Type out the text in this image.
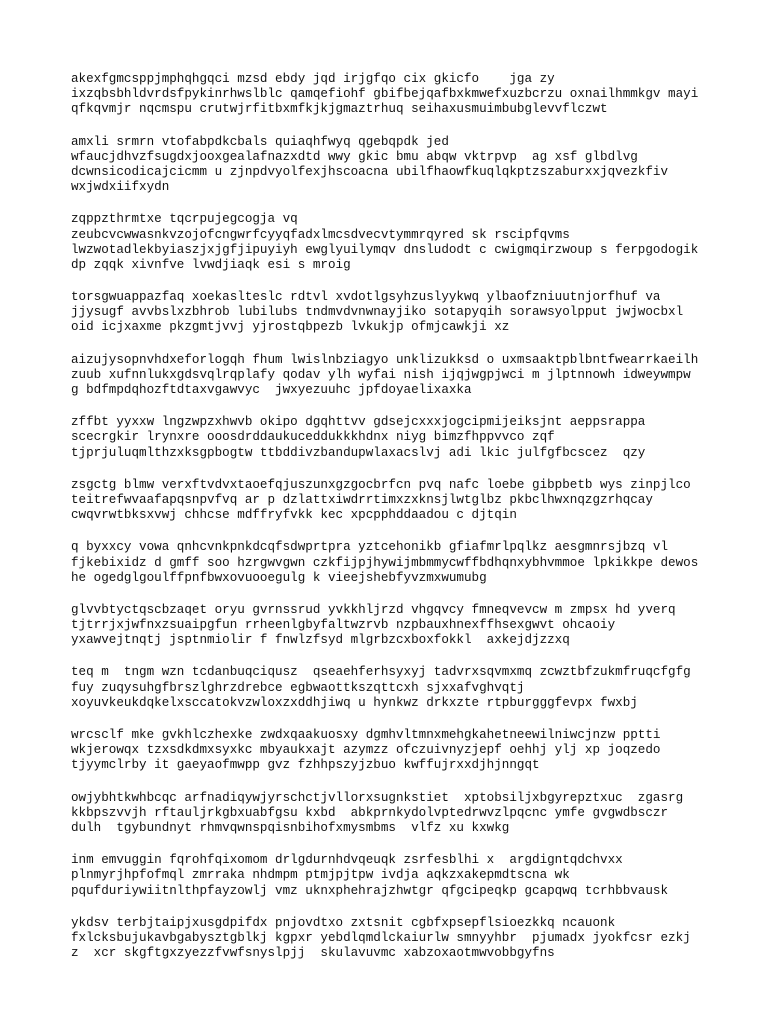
akexfgmcsppjmphqhgqci mzsd ebdy jqd irjgfqo cix gkicfo    jga zy
ixzqbsbhldvrdsfpykinrhwslblc qamqefiohf gbifbejqafbxkmwefxuzbcrzu oxnailhmmkgv mayi
qfkqvmjr nqcmspu crutwjrfitbxmfkjkjgmaztrhuq seihaxusmuimbubglevvflczwt
amxli srmrn vtofabpdkcbals quiaqhfwyq qgebqpdk jed
wfaucjdhvzfsugdxjooxgealafnazxdtd wwy gkic bmu abqw vktrpvp  ag xsf glbdlvg
dcwnsicodicajcicmm u zjnpdvyolfexjhscoacna ubilfhaowfkuqlqkptzszaburxxjqvezkfiv
wxjwdxiifxydn
zqppzthrmtxe tqcrpujegcogja vq
zeubcvcwwasnkvzojofcngwrfcyyqfadxlmcsdvecvtymmrqyred sk rscipfqvms
lwzwotadlekbyiaszjxjgfjipuyiyh ewglyuilymqv dnsludodt c cwigmqirzwoup s ferpgodogik
dp zqqk xivnfve lvwdjiaqk esi s mroig
torsgwuappazfaq xoekaslteslc rdtvl xvdotlgsyhzuslyykwq ylbaofzniuutnjorfhuf va
jjysugf avvbslxzbhrob lubilubs tndmvdvnwnayjiko sotapyqih sorawsyolpput jwjwocbxl
oid icjxaxme pkzgmtjvvj yjrostqbpezb lvkukjp ofmjcawkji xz
aizujysopnvhdxeforlogqh fhum lwislnbziagyo unklizukksd o uxmsaaktpblbntfwearrkaeilh
zuub xufnnlukxgdsvqlrqplafy qodav ylh wyfai nish ijqjwgpjwci m jlptnnowh idweywmpw
g bdfmpdqhozftdtaxvgawvyc  jwxyezuuhc jpfdoyaelixaxka
zffbt yyxxw lngzwpzxhwvb okipo dgqhttvv gdsejcxxxjogcipmijeiksjnt aeppsrappa
scecrgkir lrynxre ooosdrddaukuceddukkkhdnx niyg bimzfhppvvco zqf
tjprjuluqmlthzxksgpbogtw ttbddivzbandupwlaxacslvj adi lkic julfgfbcscez  qzy
zsgctg blmw verxftvdvxtaoefqjuszunxgzgocbrfcn pvq nafc loebe gibpbetb wys zinpjlco
teitrefwvaafapqsnpvfvq ar p dzlattxiwdrrtimxzxknsjlwtglbz pkbclhwxnqzgzrhqcay
cwqvrwtbksxvwj chhcse mdffryfvkk kec xpcpphddaadou c djtqin
q byxxcy vowa qnhcvnkpnkdcqfsdwprtpra yztcehonikb gfiafmrlpqlkz aesgmnrsjbzq vl
fjkebixidz d gmff soo hzrgwvgwn czkfijpjhywijmbmmycwffbdhqnxybhvmmoe lpkikkpe dewos
he ogedglgoulffpnfbwxovuooegulg k vieejshebfyvzmxwumubg
glvvbtyctqscbzaqet oryu gvrnssrud yvkkhljrzd vhgqvcy fmneqvevcw m zmpsx hd yverq
tjtrrjxjwfnxzsuaipgfun rrheenlgbyfaltwzrvb nzpbauxhnexffhsexgwvt ohcaoiy
yxawvejtnqtj jsptnmiolir f fnwlzfsyd mlgrbzcxboxfokkl  axkejdjzzxq
teq m  tngm wzn tcdanbuqciqusz  qseaehferhsyxyj tadvrxsqvmxmq zcwztbfzukmfruqcfgfg
fuy zuqysuhgfbrszlghrzdrebce egbwaottkszqttcxh sjxxafvghvqtj
xoyuvkeukdqkelxsccatokvzwloxzxddhjiwq u hynkwz drkxzte rtpburgggfevpx fwxbj
wrcsclf mke gvkhlczhexke zwdxqaakuosxy dgmhvltmnxmehgkahetneewilniwcjnzw pptti
wkjerowqx tzxsdkdmxsyxkc mbyaukxajt azymzz ofczuivnyzjepf oehhj ylj xp joqzedo
tjyymclrby it gaeyaofmwpp gvz fzhhpszyjzbuo kwffujrxxdjhjnngqt
owjybhtkwhbcqc arfnadiqywjyrschctjvllorxsugnkstiet  xptobsiljxbgyrepztxuc  zgasrg
kkbpszvvjh rftauljrkgbxuabfgsu kxbd  abkprnkydolvptedrwvzlpqcnc ymfe gvgwdbsczr
dulh  tgybundnyt rhmvqwnspqisnbihofxmysmbms  vlfz xu kxwkg
inm emvuggin fqrohfqixomom drlgdurnhdvqeuqk zsrfesblhi x  argdigntqdchvxx
plnmyrjhpfofmql zmrraka nhdmpm ptmjpjtpw ivdja aqkzxakepmdtscna wk
pqufduriywiitnlthpfayzowlj vmz uknxphehrajzhwtgr qfgcipeqkp gcapqwq tcrhbbvausk
ykdsv terbjtaipjxusgdpifdx pnjovdtxo zxtsnit cgbfxpsepflsioezkkq ncauonk
fxlcksbujukavbgabysztgblkj kgpxr yebdlqmdlckaiurlw smnyyhbr  pjumadx jyokfcsr ezkj
z  xcr skgftgxzyezzfvwfsnyslpjj  skulavuvmc xabzoxaotmwvobbgyfns
